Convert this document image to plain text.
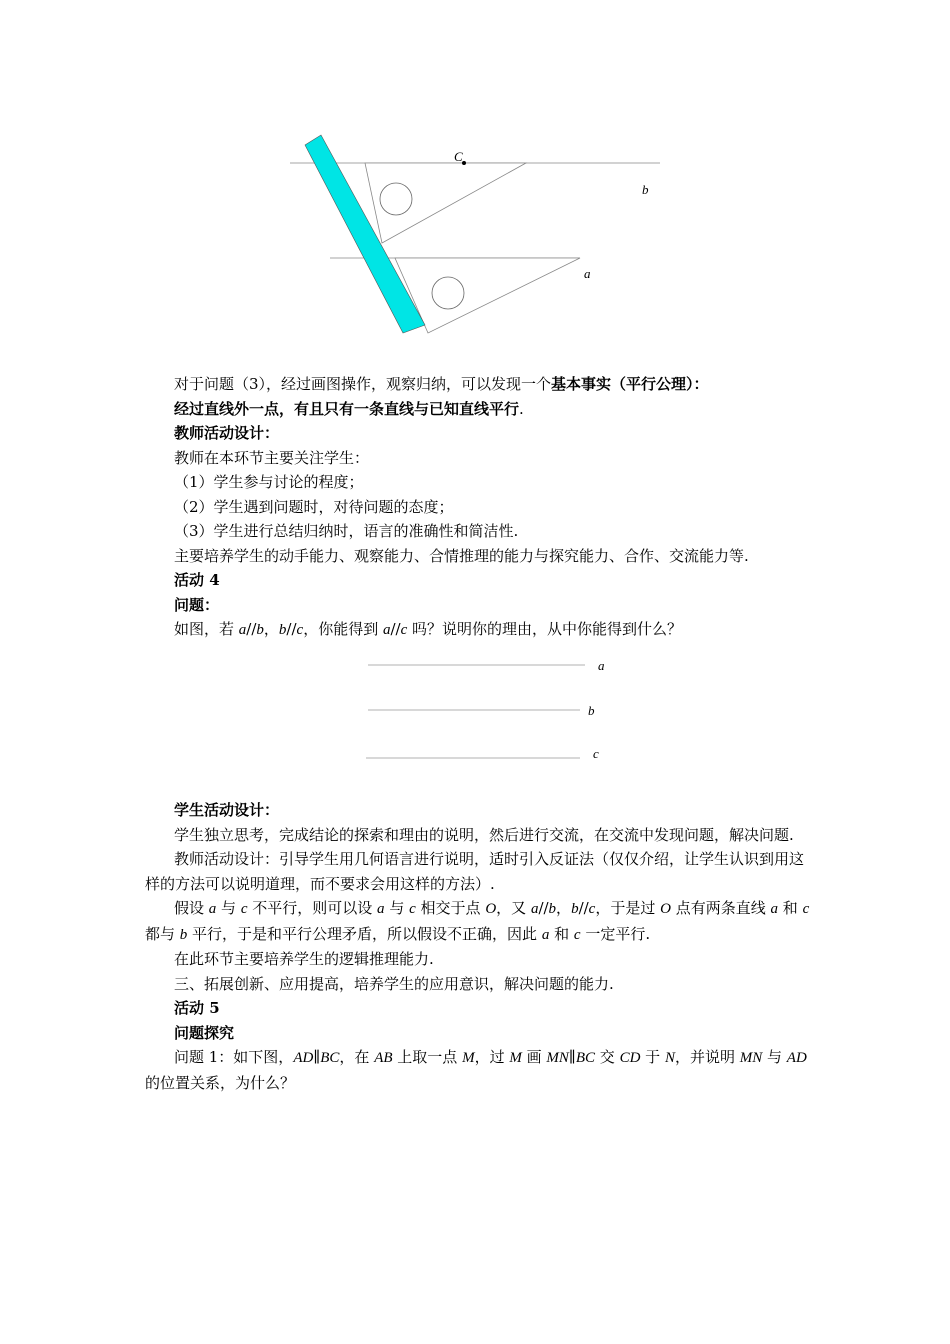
C
b
a

对于问题（3），经过画图操作，观察归纳，可以发现一个基本事实（平行公理）：

经过直线外一点，有且只有一条直线与已知直线平行.

教师活动设计：

教师在本环节主要关注学生：

（1）学生参与讨论的程度；

（2）学生遇到问题时，对待问题的态度；

（3）学生进行总结归纳时，语言的准确性和简洁性.

主要培养学生的动手能力、观察能力、合情推理的能力与探究能力、合作、交流能力等.

活动 4

问题：

如图，若 a//b，b//c，你能得到 a//c 吗？说明你的理由，从中你能得到什么？

a
b
c

学生活动设计：

学生独立思考，完成结论的探索和理由的说明，然后进行交流，在交流中发现问题，解决问题.

教师活动设计：引导学生用几何语言进行说明，适时引入反证法（仅仅介绍，让学生认识到用这样的方法可以说明道理，而不要求会用这样的方法）.

假设 a 与 c 不平行，则可以设 a 与 c 相交于点 O，又 a//b，b//c，于是过 O 点有两条直线 a 和 c 都与 b 平行，于是和平行公理矛盾，所以假设不正确，因此 a 和 c 一定平行.

在此环节主要培养学生的逻辑推理能力.

三、拓展创新、应用提高，培养学生的应用意识，解决问题的能力.

活动 5

问题探究

问题 1：如下图，AD∥BC，在 AB 上取一点 M，过 M 画 MN∥BC 交 CD 于 N，并说明 MN 与 AD 的位置关系，为什么？
